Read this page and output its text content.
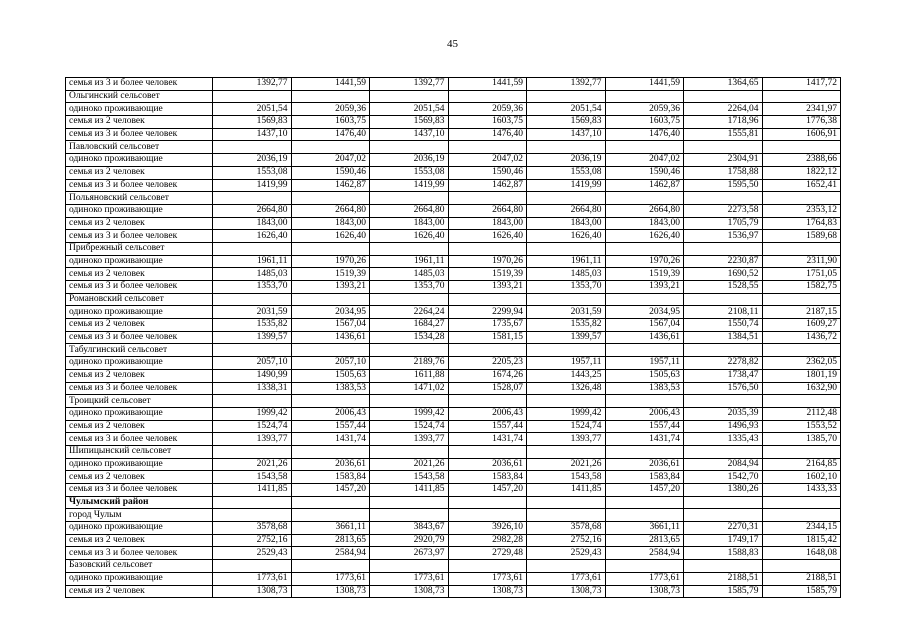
45
семья из 3 и более человек	1392,77	1441,59	1392,77	1441,59	1392,77	1441,59	1364,65	1417,72
Ольгинский сельсовет								
одиноко проживающие	2051,54	2059,36	2051,54	2059,36	2051,54	2059,36	2264,04	2341,97
семья из 2 человек	1569,83	1603,75	1569,83	1603,75	1569,83	1603,75	1718,96	1776,38
семья из 3 и более человек	1437,10	1476,40	1437,10	1476,40	1437,10	1476,40	1555,81	1606,91
Павловский сельсовет								
одиноко проживающие	2036,19	2047,02	2036,19	2047,02	2036,19	2047,02	2304,91	2388,66
семья из 2 человек	1553,08	1590,46	1553,08	1590,46	1553,08	1590,46	1758,88	1822,12
семья из 3 и более человек	1419,99	1462,87	1419,99	1462,87	1419,99	1462,87	1595,50	1652,41
Польяновский сельсовет								
одиноко проживающие	2664,80	2664,80	2664,80	2664,80	2664,80	2664,80	2273,58	2353,12
семья из 2 человек	1843,00	1843,00	1843,00	1843,00	1843,00	1843,00	1705,79	1764,83
семья из 3 и более человек	1626,40	1626,40	1626,40	1626,40	1626,40	1626,40	1536,97	1589,68
Прибрежный сельсовет								
одиноко проживающие	1961,11	1970,26	1961,11	1970,26	1961,11	1970,26	2230,87	2311,90
семья из 2 человек	1485,03	1519,39	1485,03	1519,39	1485,03	1519,39	1690,52	1751,05
семья из 3 и более человек	1353,70	1393,21	1353,70	1393,21	1353,70	1393,21	1528,55	1582,75
Романовский сельсовет								
одиноко проживающие	2031,59	2034,95	2264,24	2299,94	2031,59	2034,95	2108,11	2187,15
семья из 2 человек	1535,82	1567,04	1684,27	1735,67	1535,82	1567,04	1550,74	1609,27
семья из 3 и более человек	1399,57	1436,61	1534,28	1581,15	1399,57	1436,61	1384,51	1436,72
Табулгинский сельсовет								
одиноко проживающие	2057,10	2057,10	2189,76	2205,23	1957,11	1957,11	2278,82	2362,05
семья из 2 человек	1490,99	1505,63	1611,88	1674,26	1443,25	1505,63	1738,47	1801,19
семья из 3 и более человек	1338,31	1383,53	1471,02	1528,07	1326,48	1383,53	1576,50	1632,90
Троицкий сельсовет								
одиноко проживающие	1999,42	2006,43	1999,42	2006,43	1999,42	2006,43	2035,39	2112,48
семья из 2 человек	1524,74	1557,44	1524,74	1557,44	1524,74	1557,44	1496,93	1553,52
семья из 3 и более человек	1393,77	1431,74	1393,77	1431,74	1393,77	1431,74	1335,43	1385,70
Шипицынский сельсовет								
одиноко проживающие	2021,26	2036,61	2021,26	2036,61	2021,26	2036,61	2084,94	2164,85
семья из 2 человек	1543,58	1583,84	1543,58	1583,84	1543,58	1583,84	1542,70	1602,10
семья из 3 и более человек	1411,85	1457,20	1411,85	1457,20	1411,85	1457,20	1380,26	1433,33
Чулымский район								
город Чулым								
одиноко проживающие	3578,68	3661,11	3843,67	3926,10	3578,68	3661,11	2270,31	2344,15
семья из 2 человек	2752,16	2813,65	2920,79	2982,28	2752,16	2813,65	1749,17	1815,42
семья из 3 и более человек	2529,43	2584,94	2673,97	2729,48	2529,43	2584,94	1588,83	1648,08
Базовский сельсовет								
одиноко проживающие	1773,61	1773,61	1773,61	1773,61	1773,61	1773,61	2188,51	2188,51
семья из 2 человек	1308,73	1308,73	1308,73	1308,73	1308,73	1308,73	1585,79	1585,79
